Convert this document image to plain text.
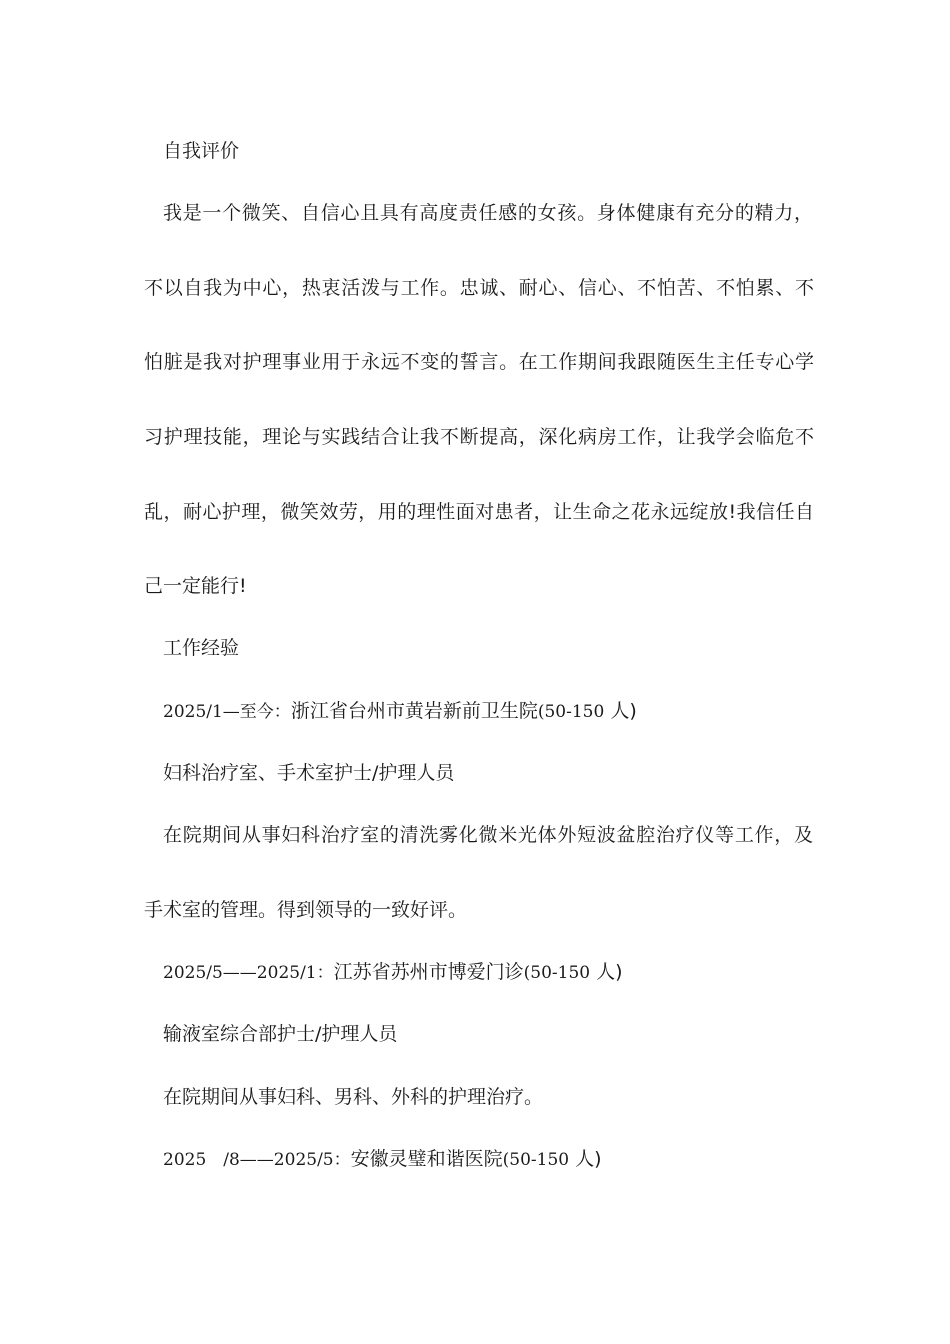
自我评价
我是一个微笑、自信心且具有高度责任感的女孩。身体健康有充分的精力，
不以自我为中心，热衷活泼与工作。忠诚、耐心、信心、不怕苦、不怕累、不
怕脏是我对护理事业用于永远不变的誓言。在工作期间我跟随医生主任专心学
习护理技能，理论与实践结合让我不断提高，深化病房工作，让我学会临危不
乱，耐心护理，微笑效劳，用的理性面对患者，让生命之花永远绽放!我信任自
己一定能行!
工作经验
2025/1—至今：浙江省台州市黄岩新前卫生院(50-150 人)
妇科治疗室、手术室护士/护理人员
在院期间从事妇科治疗室的清洗雾化微米光体外短波盆腔治疗仪等工作，及
手术室的管理。得到领导的一致好评。
2025/5——2025/1：江苏省苏州市博爱门诊(50-150 人)
输液室综合部护士/护理人员
在院期间从事妇科、男科、外科的护理治疗。
2025　/8——2025/5：安徽灵璧和谐医院(50-150 人)
